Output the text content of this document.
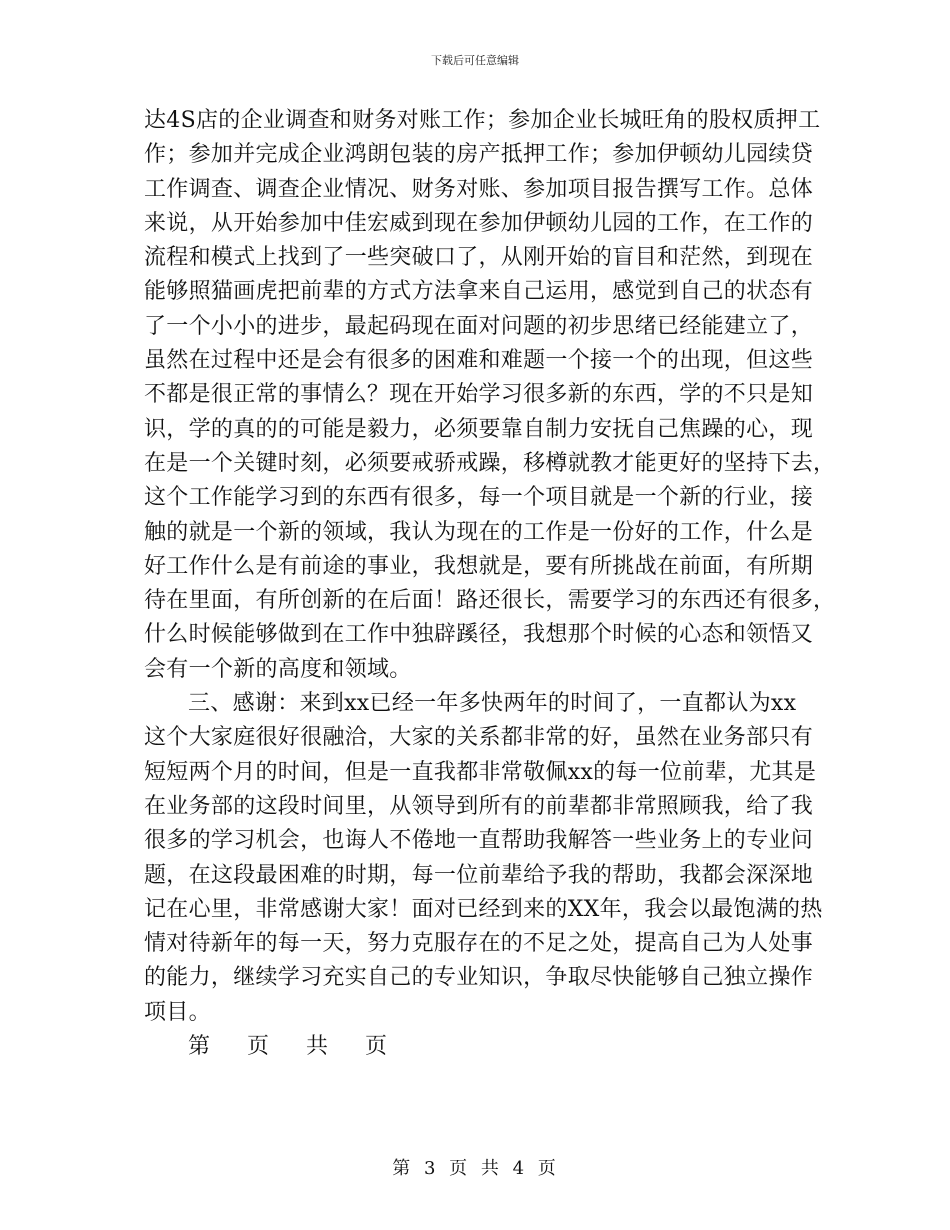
下载后可任意编辑
达4S店的企业调查和财务对账工作；参加企业长城旺角的股权质押工
作；参加并完成企业鸿朗包装的房产抵押工作；参加伊顿幼儿园续贷
工作调查、调查企业情况、财务对账、参加项目报告撰写工作。总体
来说，从开始参加中佳宏威到现在参加伊顿幼儿园的工作，在工作的
流程和模式上找到了一些突破口了，从刚开始的盲目和茫然，到现在
能够照猫画虎把前辈的方式方法拿来自己运用，感觉到自己的状态有
了一个小小的进步，最起码现在面对问题的初步思绪已经能建立了，
虽然在过程中还是会有很多的困难和难题一个接一个的出现，但这些
不都是很正常的事情么？现在开始学习很多新的东西，学的不只是知
识，学的真的的可能是毅力，必须要靠自制力安抚自己焦躁的心，现
在是一个关键时刻，必须要戒骄戒躁，移樽就教才能更好的坚持下去，
这个工作能学习到的东西有很多，每一个项目就是一个新的行业，接
触的就是一个新的领域，我认为现在的工作是一份好的工作，什么是
好工作什么是有前途的事业，我想就是，要有所挑战在前面，有所期
待在里面，有所创新的在后面！路还很长，需要学习的东西还有很多，
什么时候能够做到在工作中独辟蹊径，我想那个时候的心态和领悟又
会有一个新的高度和领域。
三、感谢：来到xx已经一年多快两年的时间了，一直都认为xx
这个大家庭很好很融洽，大家的关系都非常的好，虽然在业务部只有
短短两个月的时间，但是一直我都非常敬佩xx的每一位前辈，尤其是
在业务部的这段时间里，从领导到所有的前辈都非常照顾我，给了我
很多的学习机会，也诲人不倦地一直帮助我解答一些业务上的专业问
题，在这段最困难的时期，每一位前辈给予我的帮助，我都会深深地
记在心里，非常感谢大家！面对已经到来的XX年，我会以最饱满的热
情对待新年的每一天，努力克服存在的不足之处，提高自己为人处事
的能力，继续学习充实自己的专业知识，争取尽快能够自己独立操作
项目。
第 页 共 页
第 3 页 共 4 页
